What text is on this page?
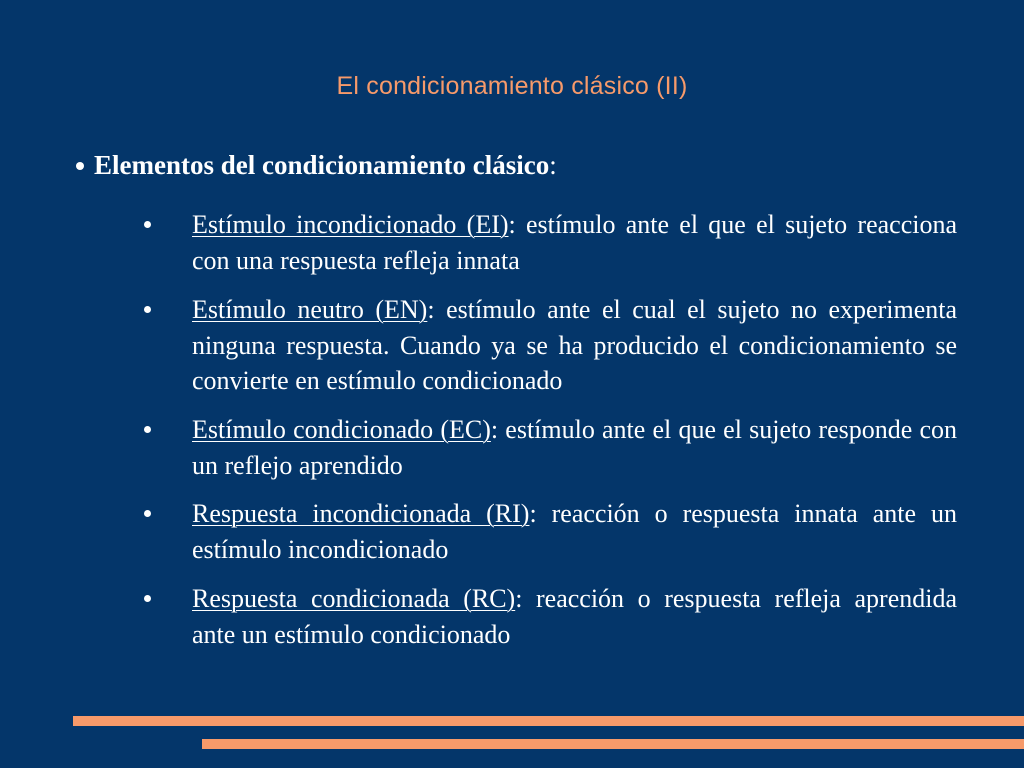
El condicionamiento clásico (II)
Elementos del condicionamiento clásico:
Estímulo incondicionado (EI): estímulo ante el que el sujeto reacciona con una respuesta refleja innata
Estímulo neutro (EN): estímulo ante el cual el sujeto no experimenta ninguna respuesta. Cuando ya se ha producido el condicionamiento se convierte en estímulo condicionado
Estímulo condicionado (EC): estímulo ante el que el sujeto responde con un reflejo aprendido
Respuesta incondicionada (RI): reacción o respuesta innata ante un estímulo incondicionado
Respuesta condicionada (RC): reacción o respuesta refleja aprendida ante un estímulo condicionado
